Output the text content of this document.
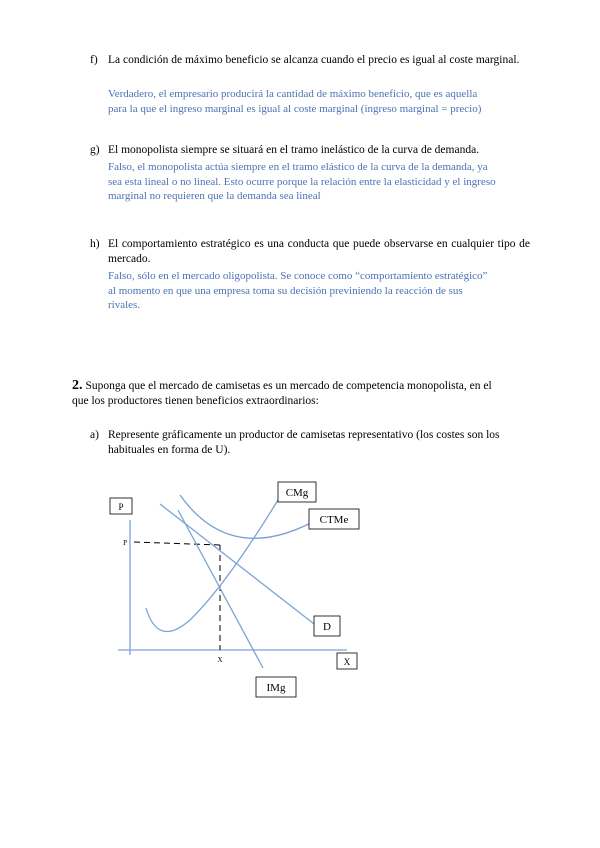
f) La condición de máximo beneficio se alcanza cuando el precio es igual al coste marginal.
Verdadero, el empresario producirá la cantidad de máximo beneficio, que es aquella
para la que el ingreso marginal es igual al coste marginal (ingreso marginal = precio)
g) El monopolista siempre se situará en el tramo inelástico de la curva de demanda.
Falso, el monopolista actúa siempre en el tramo elástico de la curva de la demanda, ya
sea esta lineal o no lineal. Esto ocurre porque la relación entre la elasticidad y el ingreso
marginal no requieren que la demanda sea lineal
h) El comportamiento estratégico es una conducta que puede observarse en cualquier tipo de mercado.
Falso, sólo en el mercado oligopolista. Se conoce como “comportamiento estratégico”
al momento en que una empresa toma su decisión previniendo la reacción de sus
rivales.
2. Suponga que el mercado de camisetas es un mercado de competencia monopolista, en el
que los productores tienen beneficios extraordinarios:
a) Represente gráficamente un productor de camisetas representativo (los costes son los
habituales en forma de U).
P
P
X	X
CMg
CTMe
D
IMg
